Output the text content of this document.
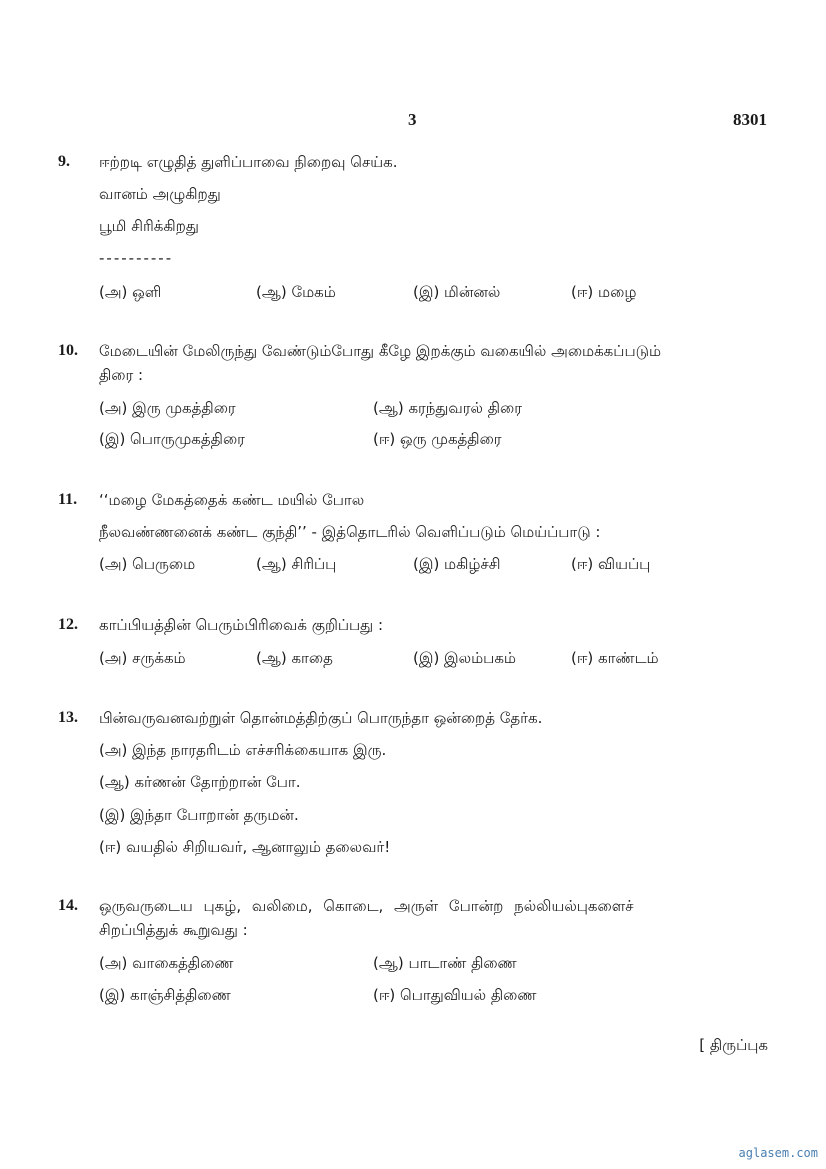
3	8301
9. ஈற்றடி எழுதித் துளிப்பாவை நிறைவு செய்க.
வானம் அழுகிறது
பூமி சிரிக்கிறது
----------
(அ) ஒளி	(ஆ) மேகம்	(இ) மின்னல்	(ஈ) மழை
10. மேடையின் மேலிருந்து வேண்டும்போது கீழே இறக்கும் வகையில் அமைக்கப்படும்
திரை :
(அ) இரு முகத்திரை	(ஆ) கரந்துவரல் திரை
(இ) பொருமுகத்திரை	(ஈ) ஒரு முகத்திரை
11. ‘‘மழை மேகத்தைக் கண்ட மயில் போல
நீலவண்ணனைக் கண்ட குந்தி’’ - இத்தொடரில் வெளிப்படும் மெய்ப்பாடு :
(அ) பெருமை	(ஆ) சிரிப்பு	(இ) மகிழ்ச்சி	(ஈ) வியப்பு
12. காப்பியத்தின் பெரும்பிரிவைக் குறிப்பது :
(அ) சருக்கம்	(ஆ) காதை	(இ) இலம்பகம்	(ஈ) காண்டம்
13. பின்வருவனவற்றுள் தொன்மத்திற்குப் பொருந்தா ஒன்றைத் தேர்க.
(அ) இந்த நாரதரிடம் எச்சரிக்கையாக இரு.
(ஆ) கர்ணன் தோற்றான் போ.
(இ) இந்தா போறான் தருமன்.
(ஈ) வயதில் சிறியவர், ஆனாலும் தலைவர்!
14. ஒருவருடைய புகழ், வலிமை, கொடை, அருள் போன்ற நல்லியல்புகளைச்
சிறப்பித்துக் கூறுவது :
(அ) வாகைத்திணை	(ஆ) பாடாண் திணை
(இ) காஞ்சித்திணை	(ஈ) பொதுவியல் திணை
[ திருப்புக
aglasem.com
